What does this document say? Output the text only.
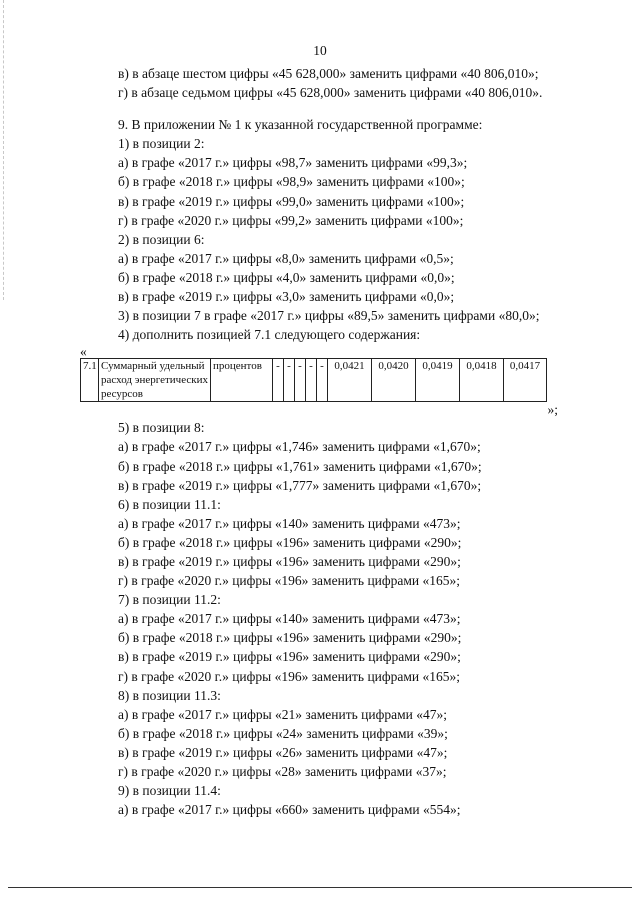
10

в) в абзаце шестом цифры «45 628,000» заменить цифрами «40 806,010»;

г) в абзаце седьмом цифры «45 628,000» заменить цифрами «40 806,010».

9. В приложении № 1 к указанной государственной программе:

1) в позиции 2:

а) в графе «2017 г.» цифры «98,7» заменить цифрами «99,3»;

б) в графе «2018 г.» цифры «98,9» заменить цифрами «100»;

в) в графе «2019 г.» цифры «99,0» заменить цифрами «100»;

г) в графе «2020 г.» цифры «99,2» заменить цифрами «100»;

2) в позиции 6:

а) в графе «2017 г.» цифры «8,0» заменить цифрами «0,5»;

б) в графе «2018 г.» цифры «4,0» заменить цифрами «0,0»;

в) в графе «2019 г.» цифры «3,0» заменить цифрами «0,0»;

3) в позиции 7 в графе «2017 г.» цифры «89,5» заменить цифрами «80,0»;

4) дополнить позицией 7.1 следующего содержания:

«

7.1	Суммарный удельный расход энергетических ресурсов	процентов	-	-	-	-	-	0,0421	0,0420	0,0419	0,0418	0,0417

»;

5) в позиции 8:

а) в графе «2017 г.» цифры «1,746» заменить цифрами «1,670»;

б) в графе «2018 г.» цифры «1,761» заменить цифрами «1,670»;

в) в графе «2019 г.» цифры «1,777» заменить цифрами «1,670»;

6) в позиции 11.1:

а) в графе «2017 г.» цифры «140» заменить цифрами «473»;

б) в графе «2018 г.» цифры «196» заменить цифрами «290»;

в) в графе «2019 г.» цифры «196» заменить цифрами «290»;

г) в графе «2020 г.» цифры «196» заменить цифрами «165»;

7) в позиции 11.2:

а) в графе «2017 г.» цифры «140» заменить цифрами «473»;

б) в графе «2018 г.» цифры «196» заменить цифрами «290»;

в) в графе «2019 г.» цифры «196» заменить цифрами «290»;

г) в графе «2020 г.» цифры «196» заменить цифрами «165»;

8) в позиции 11.3:

а) в графе «2017 г.» цифры «21» заменить цифрами «47»;

б) в графе «2018 г.» цифры «24» заменить цифрами «39»;

в) в графе «2019 г.» цифры «26» заменить цифрами «47»;

г) в графе «2020 г.» цифры «28» заменить цифрами «37»;

9) в позиции 11.4:

а) в графе «2017 г.» цифры «660» заменить цифрами «554»;
